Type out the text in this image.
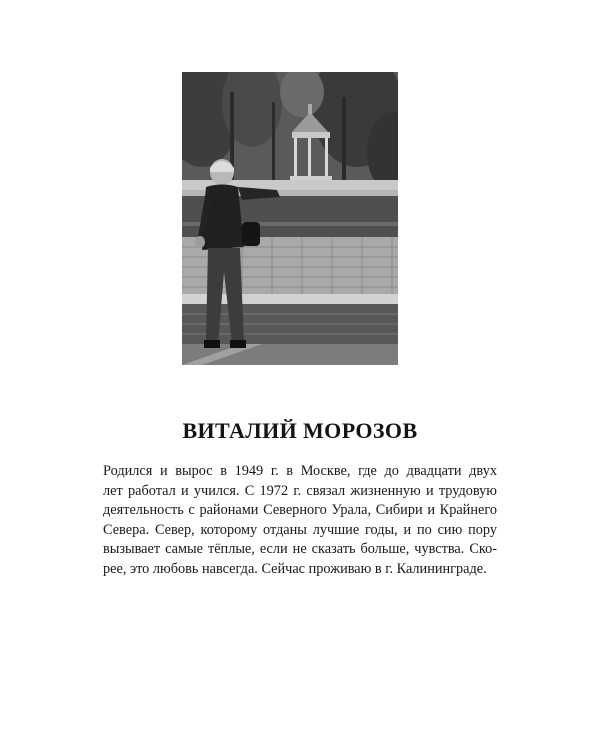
ВИТАЛИЙ МОРОЗОВ
Родился и вырос в 1949 г. в Москве, где до двадцати двух
лет работал и учился. С 1972 г. связал жизненную и трудовую
деятельность с районами Северного Урала, Сибири и Крайнего
Севера. Север, которому отданы лучшие годы, и по сию пору
вызывает самые тёплые, если не сказать больше, чувства. Ско-
рее, это любовь навсегда. Сейчас проживаю в г. Калининграде.
